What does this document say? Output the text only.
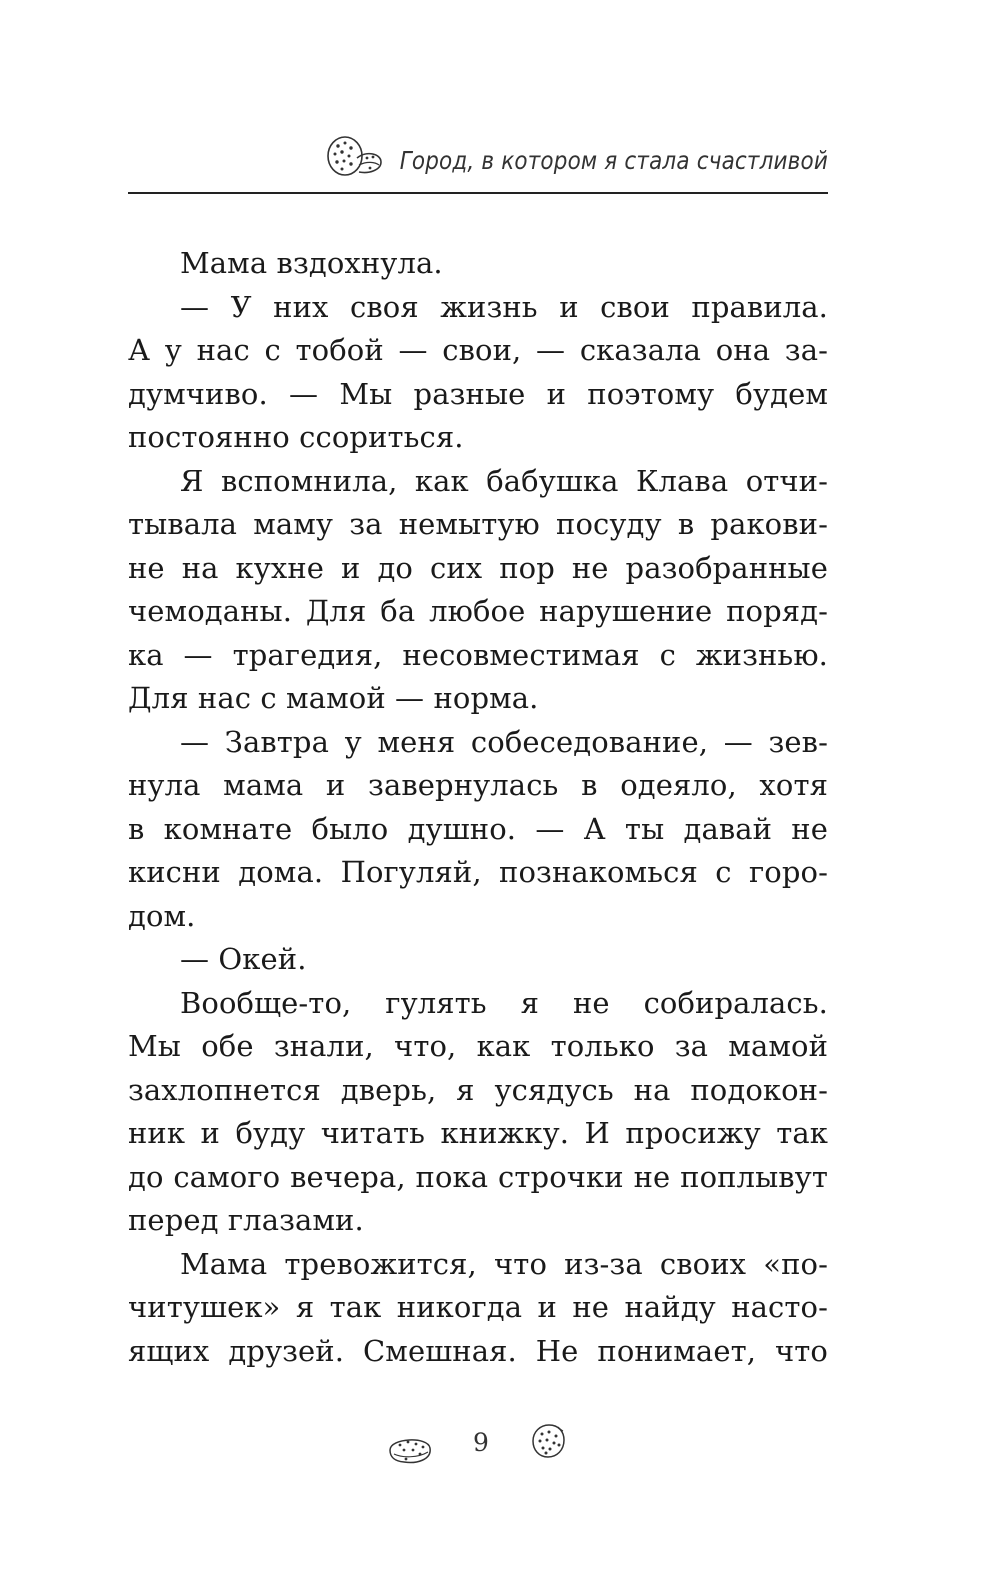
Город, в котором я стала счастливой
Мама вздохнула.
— У них своя жизнь и свои правила.
А у нас с тобой — свои, — сказала она за-
думчиво. — Мы разные и поэтому будем
постоянно ссориться.
Я вспомнила, как бабушка Клава отчи-
тывала маму за немытую посуду в ракови-
не на кухне и до сих пор не разобранные
чемоданы. Для ба любое нарушение поряд-
ка — трагедия, несовместимая с жизнью.
Для нас с мамой — норма.
— Завтра у меня собеседование, — зев-
нула мама и завернулась в одеяло, хотя
в комнате было душно. — А ты давай не
кисни дома. Погуляй, познакомься с горо-
дом.
— Окей.
Вообще-то, гулять я не собиралась.
Мы обе знали, что, как только за мамой
захлопнется дверь, я усядусь на подокон-
ник и буду читать книжку. И просижу так
до самого вечера, пока строчки не поплывут
перед глазами.
Мама тревожится, что из-за своих «по-
читушек» я так никогда и не найду насто-
ящих друзей. Смешная. Не понимает, что
9
